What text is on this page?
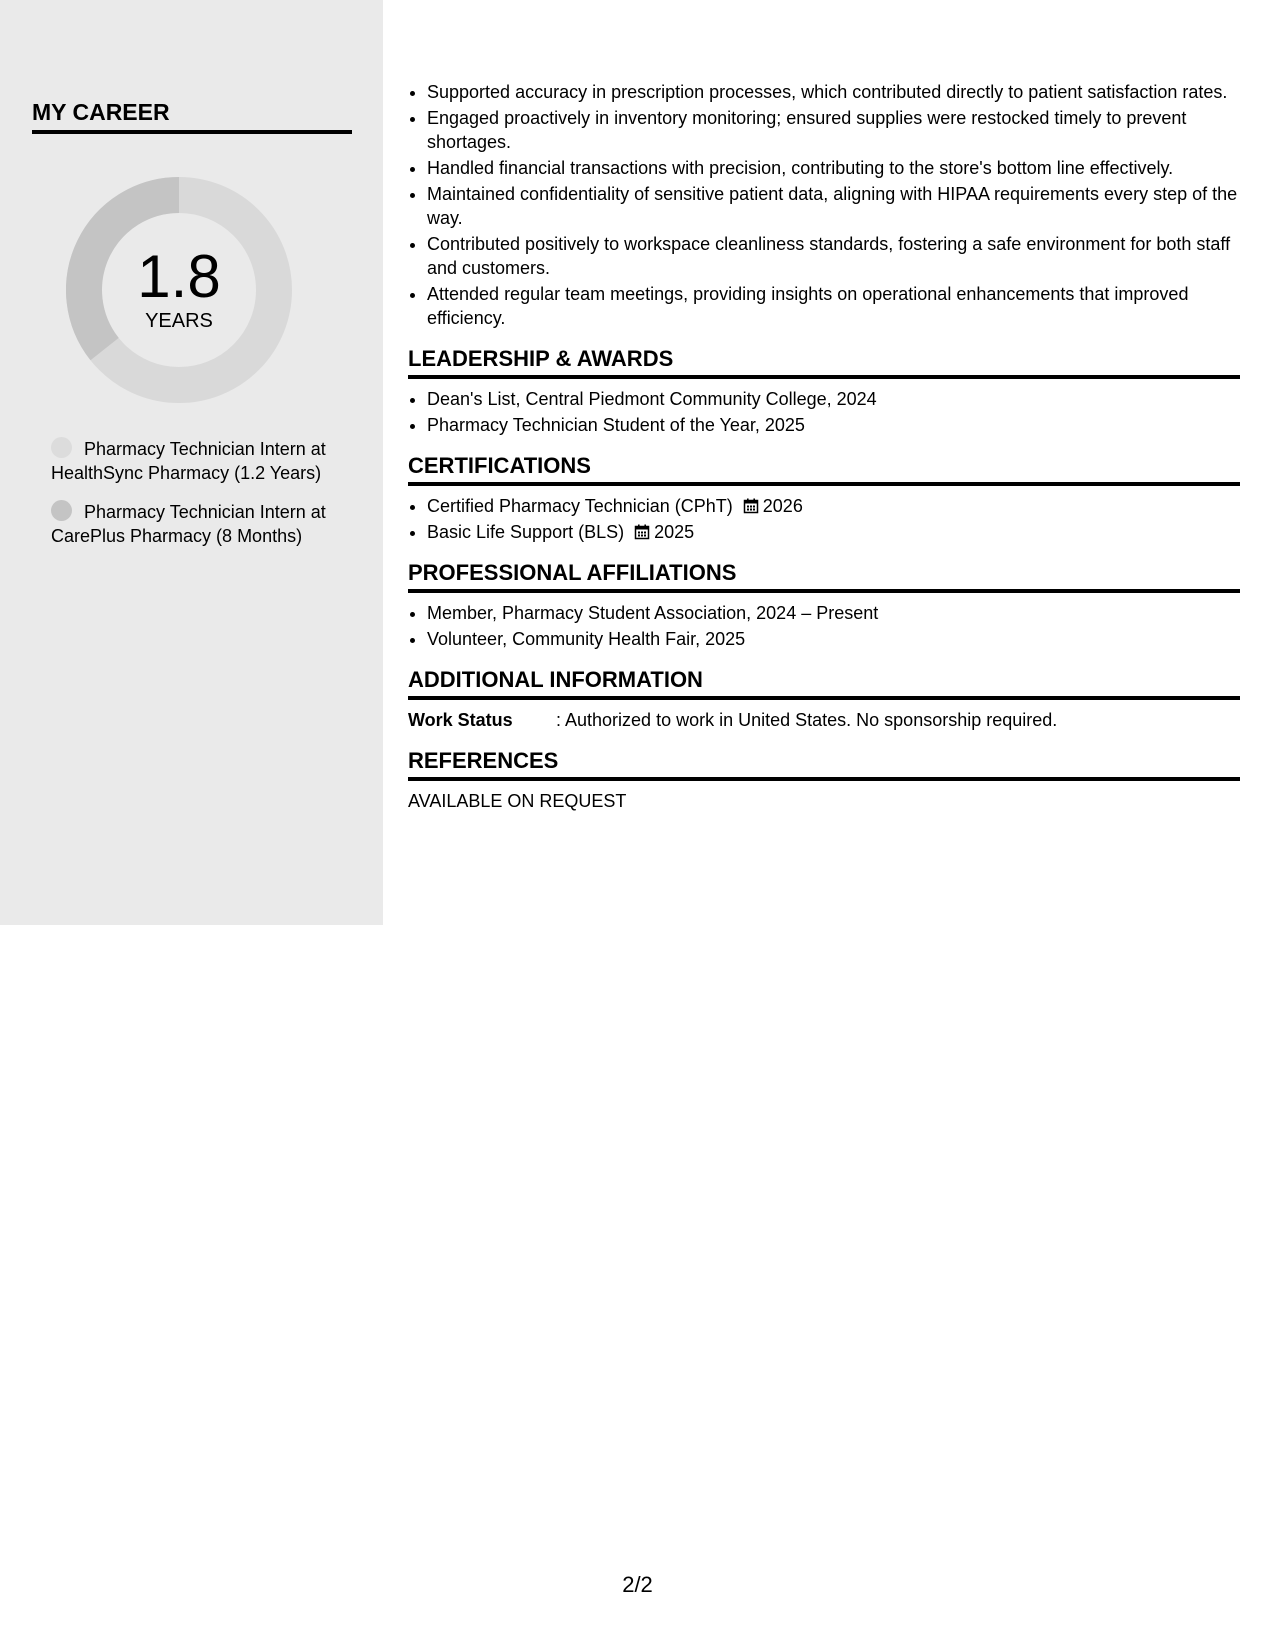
MY CAREER
1.8
YEARS
Pharmacy Technician Intern at HealthSync Pharmacy (1.2 Years)
Pharmacy Technician Intern at CarePlus Pharmacy (8 Months)
• Supported accuracy in prescription processes, which contributed directly to patient satisfaction rates.
• Engaged proactively in inventory monitoring; ensured supplies were restocked timely to prevent shortages.
• Handled financial transactions with precision, contributing to the store's bottom line effectively.
• Maintained confidentiality of sensitive patient data, aligning with HIPAA requirements every step of the way.
• Contributed positively to workspace cleanliness standards, fostering a safe environment for both staff and customers.
• Attended regular team meetings, providing insights on operational enhancements that improved efficiency.
LEADERSHIP & AWARDS
• Dean's List, Central Piedmont Community College, 2024
• Pharmacy Technician Student of the Year, 2025
CERTIFICATIONS
• Certified Pharmacy Technician (CPhT) 2026
• Basic Life Support (BLS) 2025
PROFESSIONAL AFFILIATIONS
• Member, Pharmacy Student Association, 2024 – Present
• Volunteer, Community Health Fair, 2025
ADDITIONAL INFORMATION
Work Status : Authorized to work in United States. No sponsorship required.
REFERENCES
AVAILABLE ON REQUEST
2/2
